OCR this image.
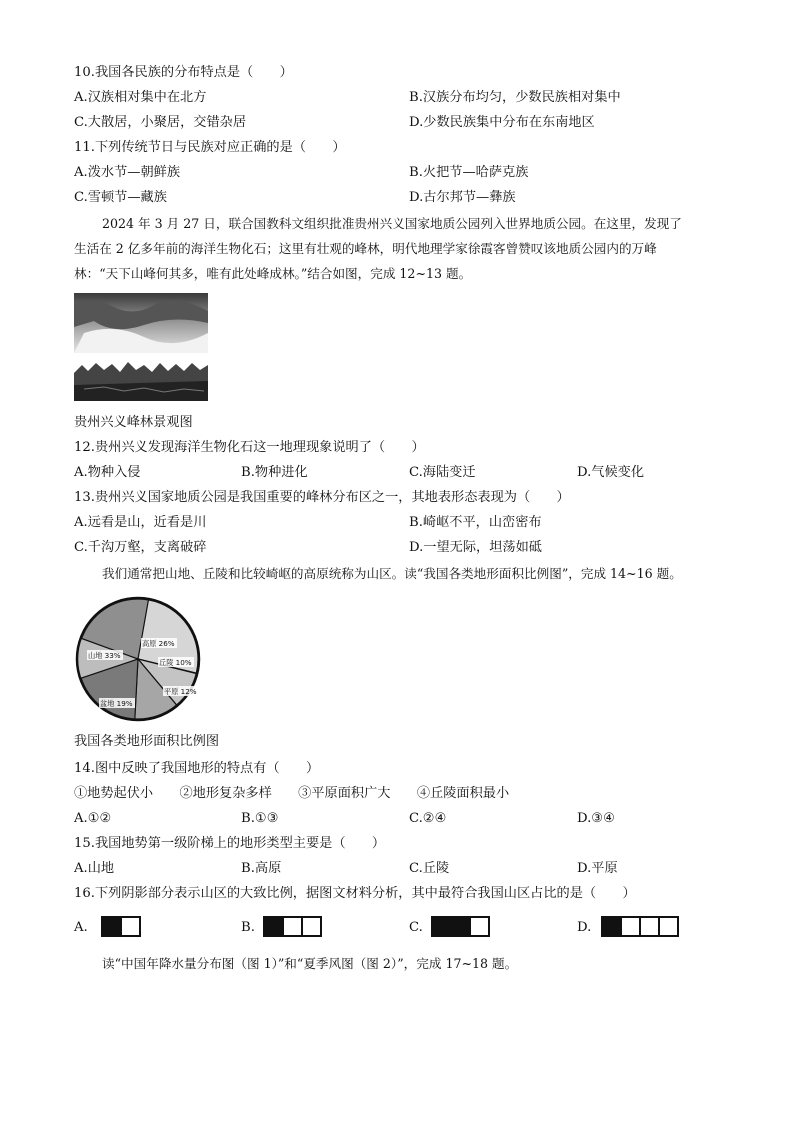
10.我国各民族的分布特点是（　　）
A.汉族相对集中在北方	B.汉族分布均匀，少数民族相对集中
C.大散居，小聚居，交错杂居	D.少数民族集中分布在东南地区
11.下列传统节日与民族对应正确的是（　　）
A.泼水节—朝鲜族	B.火把节—哈萨克族
C.雪顿节—藏族	D.古尔邦节—彝族
2024 年 3 月 27 日，联合国教科文组织批准贵州兴义国家地质公园列入世界地质公园。在这里，发现了
生活在 2 亿多年前的海洋生物化石；这里有壮观的峰林，明代地理学家徐霞客曾赞叹该地质公园内的万峰
林：“天下山峰何其多，唯有此处峰成林。”结合如图，完成 12~13 题。
贵州兴义峰林景观图
12.贵州兴义发现海洋生物化石这一地理现象说明了（　　）
A.物种入侵	B.物种进化	C.海陆变迁	D.气候变化
13.贵州兴义国家地质公园是我国重要的峰林分布区之一，其地表形态表现为（　　）
A.远看是山，近看是川	B.崎岖不平，山峦密布
C.千沟万壑，支离破碎	D.一望无际，坦荡如砥
我们通常把山地、丘陵和比较崎岖的高原统称为山区。读“我国各类地形面积比例图”，完成 14~16 题。
山地 33%
高原 26%
丘陵 10%
平原 12%
盆地 19%
我国各类地形面积比例图
14.图中反映了我国地形的特点有（　　）
①地势起伏小　　②地形复杂多样　　③平原面积广大　　④丘陵面积最小
A.①②	B.①③	C.②④	D.③④
15.我国地势第一级阶梯上的地形类型主要是（　　）
A.山地	B.高原	C.丘陵	D.平原
16.下列阴影部分表示山区的大致比例，据图文材料分析，其中最符合我国山区占比的是（　　）
A.	B.	C.	D.
读“中国年降水量分布图（图 1）”和“夏季风图（图 2）”，完成 17~18 题。
